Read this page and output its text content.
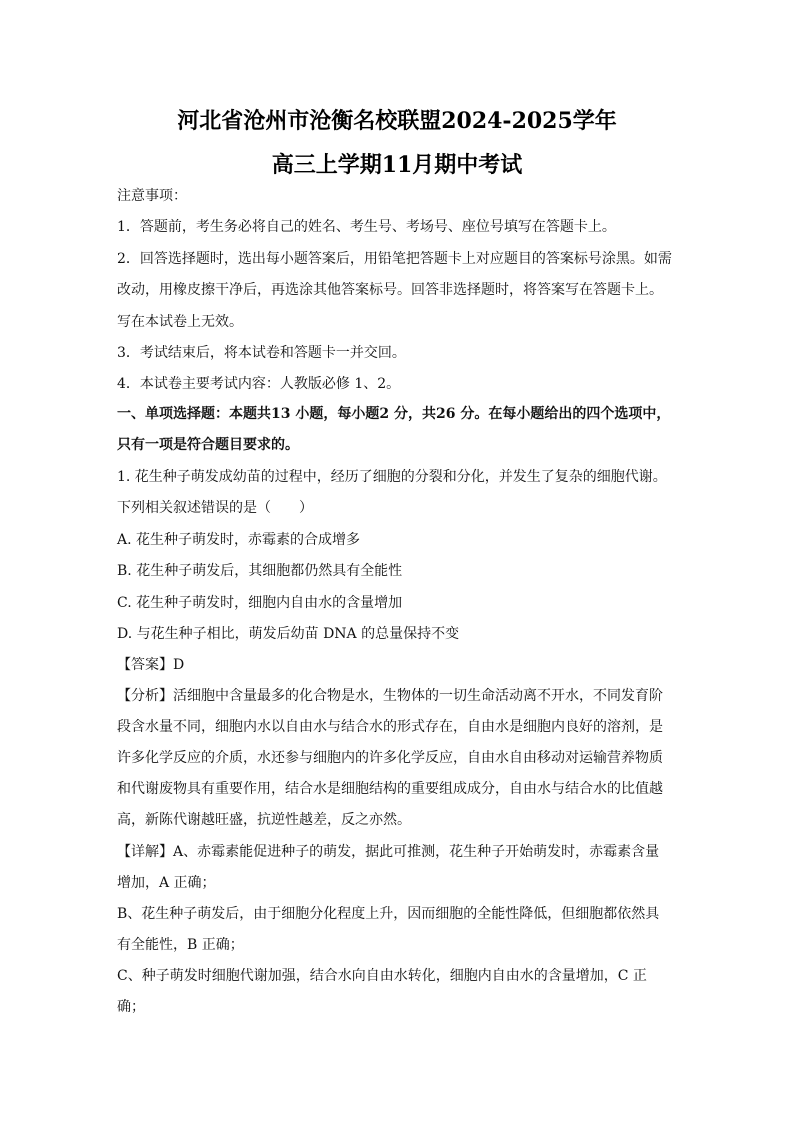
河北省沧州市沧衡名校联盟2024-2025学年
高三上学期11月期中考试
注意事项：
1．答题前，考生务必将自己的姓名、考生号、考场号、座位号填写在答题卡上。
2．回答选择题时，选出每小题答案后，用铅笔把答题卡上对应题目的答案标号涂黑。如需
改动，用橡皮擦干净后，再选涂其他答案标号。回答非选择题时，将答案写在答题卡上。
写在本试卷上无效。
3．考试结束后，将本试卷和答题卡一并交回。
4．本试卷主要考试内容：人教版必修 1、2。
一、单项选择题：本题共13 小题，每小题2 分，共26 分。在每小题给出的四个选项中，
只有一项是符合题目要求的。
1. 花生种子萌发成幼苗的过程中，经历了细胞的分裂和分化，并发生了复杂的细胞代谢。
下列相关叙述错误的是（　　）
A. 花生种子萌发时，赤霉素的合成增多
B. 花生种子萌发后，其细胞都仍然具有全能性
C. 花生种子萌发时，细胞内自由水的含量增加
D. 与花生种子相比，萌发后幼苗 DNA 的总量保持不变
【答案】D
【分析】活细胞中含量最多的化合物是水，生物体的一切生命活动离不开水，不同发育阶
段含水量不同，细胞内水以自由水与结合水的形式存在，自由水是细胞内良好的溶剂，是
许多化学反应的介质，水还参与细胞内的许多化学反应，自由水自由移动对运输营养物质
和代谢废物具有重要作用，结合水是细胞结构的重要组成成分，自由水与结合水的比值越
高，新陈代谢越旺盛，抗逆性越差，反之亦然。
【详解】A、赤霉素能促进种子的萌发，据此可推测，花生种子开始萌发时，赤霉素含量
增加，A 正确；
B、花生种子萌发后，由于细胞分化程度上升，因而细胞的全能性降低，但细胞都依然具
有全能性，B 正确；
C、种子萌发时细胞代谢加强，结合水向自由水转化，细胞内自由水的含量增加，C 正
确；
